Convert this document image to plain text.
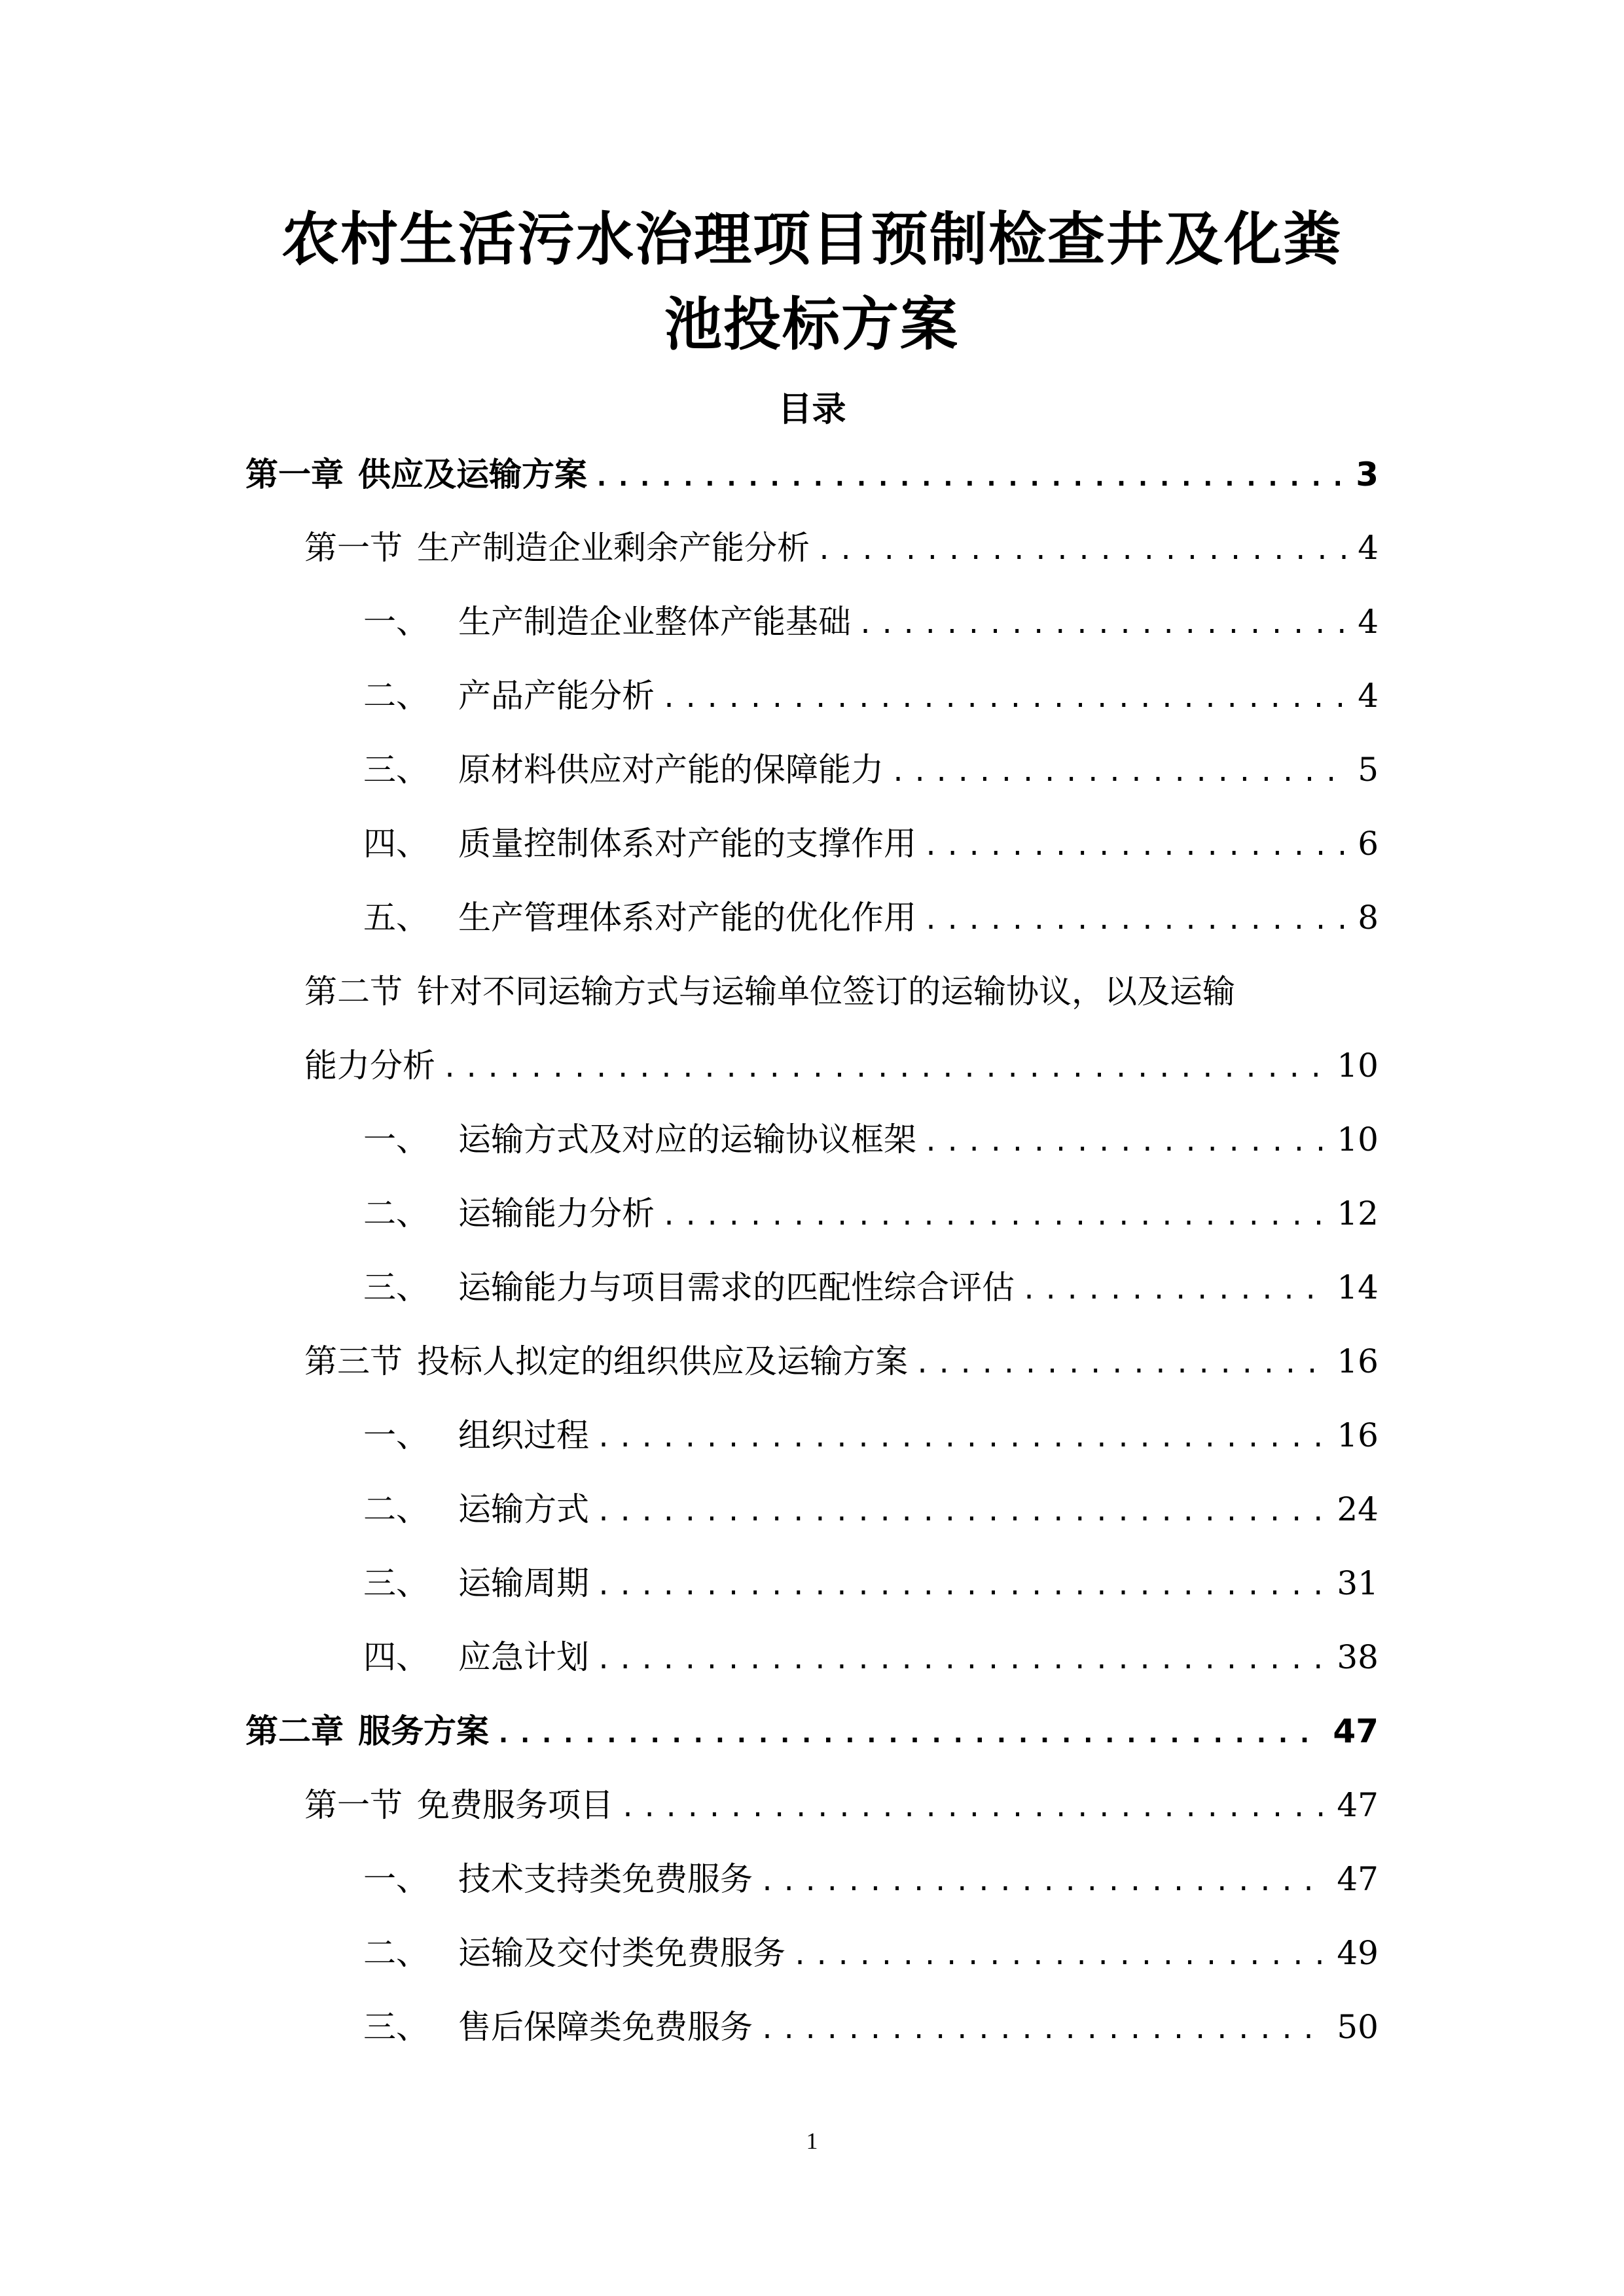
农村生活污水治理项目预制检查井及化粪
池投标方案
目录
第一章 供应及运输方案 .....	3
第一节 生产制造企业剩余产能分析 .....	4
一、 生产制造企业整体产能基础 .....	4
二、 产品产能分析 .....	4
三、 原材料供应对产能的保障能力 .....	5
四、 质量控制体系对产能的支撑作用 .....	6
五、 生产管理体系对产能的优化作用 .....	8
第二节 针对不同运输方式与运输单位签订的运输协议，以及运输
能力分析 .....	10
一、 运输方式及对应的运输协议框架 .....	10
二、 运输能力分析 .....	12
三、 运输能力与项目需求的匹配性综合评估 .....	14
第三节 投标人拟定的组织供应及运输方案 .....	16
一、 组织过程 .....	16
二、 运输方式 .....	24
三、 运输周期 .....	31
四、 应急计划 .....	38
第二章 服务方案 .....	47
第一节 免费服务项目 .....	47
一、 技术支持类免费服务 .....	47
二、 运输及交付类免费服务 .....	49
三、 售后保障类免费服务 .....	50
1
